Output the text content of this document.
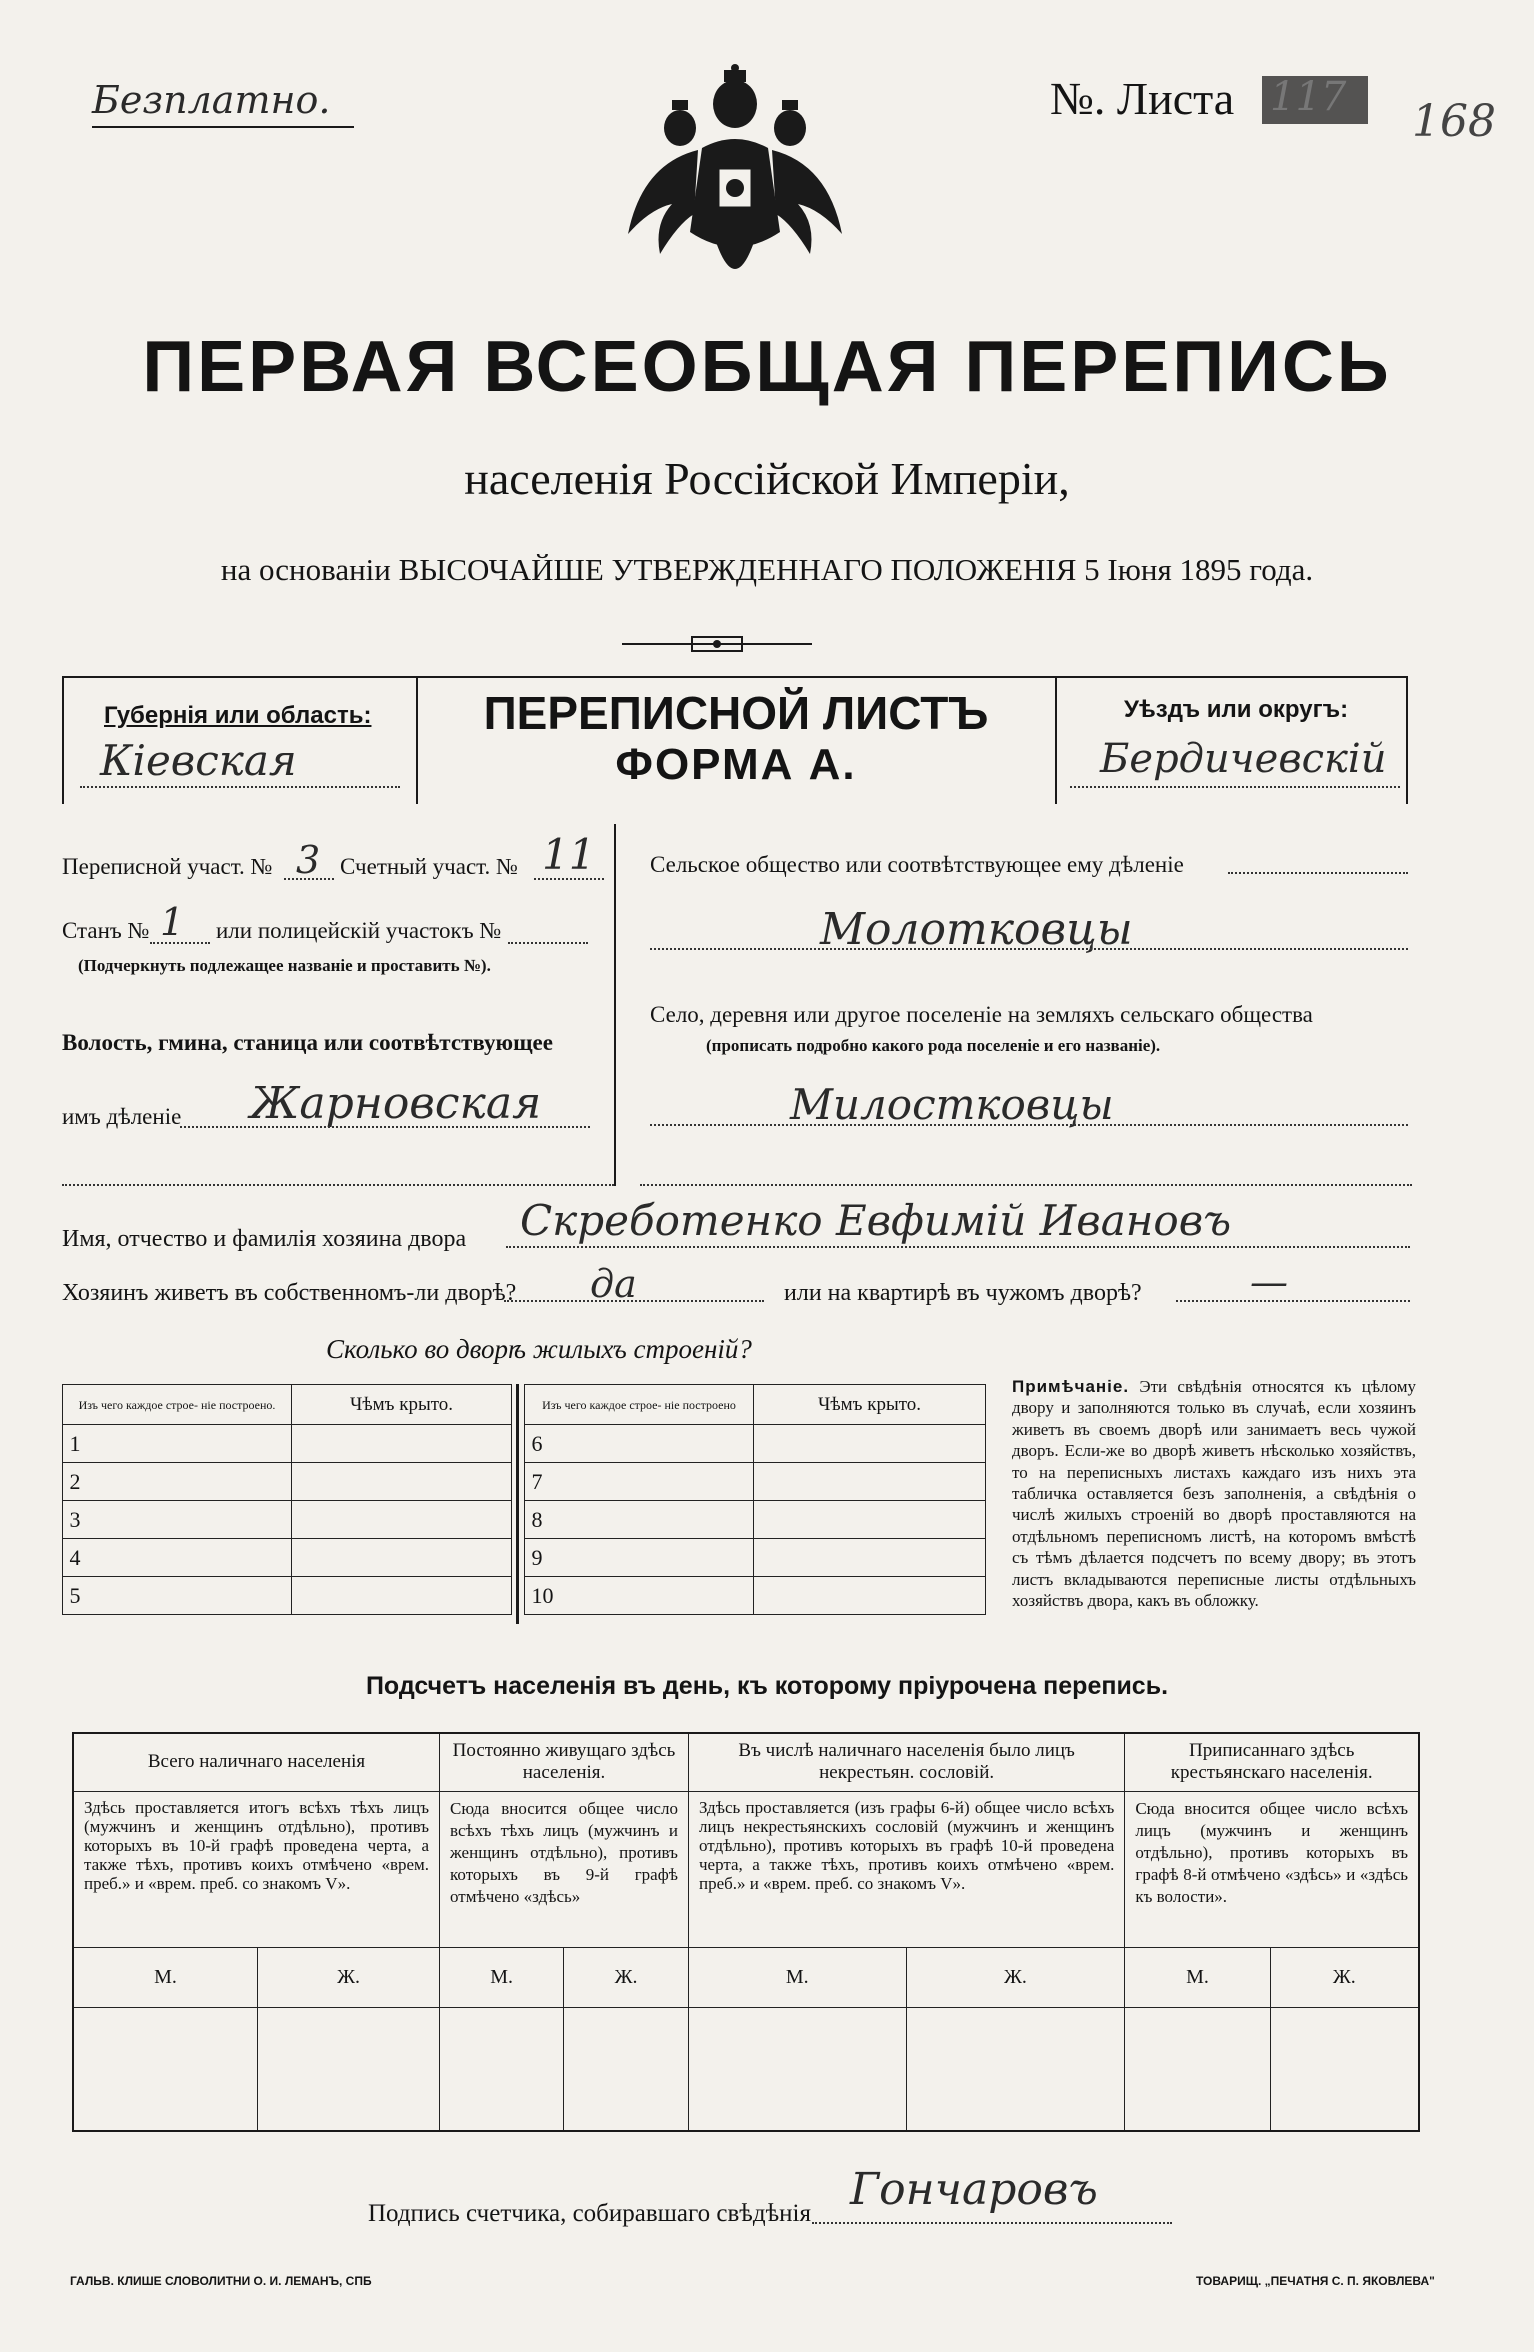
Безплатно.	№. Листа 117 168
ПЕРВАЯ ВСЕОБЩАЯ ПЕРЕПИСЬ
населенія Россійской Имперіи,
на основаніи ВЫСОЧАЙШЕ УТВЕРЖДЕННАГО ПОЛОЖЕНІЯ 5 Іюня 1895 года.
Губернія или область:
Кіевская
ПЕРЕПИСНОЙ ЛИСТЪ
ФОРМА А.
Уѣздъ или округъ:
Бердичевскій
Переписной участ. № 3 Счетный участ. № 11
Станъ № 1 или полицейскій участокъ №
(Подчеркнуть подлежащее названіе и проставить №).
Волость, гмина, станица или соотвѣтствующее
имъ дѣленіе Жарновская
Сельское общество или соотвѣтствующее ему дѣленіе
Молотковцы
Село, деревня или другое поселеніе на земляхъ сельскаго общества
(прописать подробно какого рода поселеніе и его названіе).
Милостковцы
Имя, отчество и фамилія хозяина двора Скреботенко Евфимій Ивановъ
Хозяинъ живетъ въ собственномъ-ли дворѣ? да	или на квартирѣ въ чужомъ дворѣ?	—
Сколько во дворѣ жилыхъ строеній?
Изъ чего каждое строе- ніе построено.	Чѣмъ крыто.
1	
2	
3	
4	
5	
Изъ чего каждое строе- ніе построено	Чѣмъ крыто.
6	
7	
8	
9	
10	
Примѣчаніе. Эти свѣдѣнія относятся къ цѣлому двору и заполняются только въ случаѣ, если хозяинъ живетъ въ своемъ дворѣ или занимаетъ весь чужой дворъ. Если-же во дворѣ живетъ нѣсколько хозяйствъ, то на переписныхъ листахъ каждаго изъ нихъ эта табличка оставляется безъ заполненія, а свѣдѣнія о числѣ жилыхъ строеній во дворѣ проставляются на отдѣльномъ переписномъ листѣ, на которомъ вмѣстѣ съ тѣмъ дѣлается подсчетъ по всему двору; въ этотъ листъ вкладываются переписные листы отдѣльныхъ хозяйствъ двора, какъ въ обложку.
Подсчетъ населенія въ день, къ которому пріурочена перепись.
Всего наличнаго населенія		Постоянно живущаго здѣсь населенія.		Въ числѣ наличнаго населенія было лицъ некрестьян. сословій.		Приписаннаго здѣсь крестьянскаго населенія.	
Здѣсь проставляется итогъ всѣхъ тѣхъ лицъ (мужчинъ и женщинъ отдѣльно), противъ которыхъ въ 10-й графѣ проведена черта, а также тѣхъ, противъ коихъ отмѣчено «врем. преб.» и «врем. преб. со знакомъ V».		Сюда вносится общее число всѣхъ тѣхъ лицъ (мужчинъ и женщинъ отдѣльно), противъ которыхъ въ 9-й графѣ отмѣчено «здѣсь»		Здѣсь проставляется (изъ графы 6-й) общее число всѣхъ лицъ некрестьянскихъ сословій (мужчинъ и женщинъ отдѣльно), противъ которыхъ въ графѣ 10-й проведена черта, а также тѣхъ, противъ коихъ отмѣчено «врем. преб.» и «врем. преб. со знакомъ V».		Сюда вносится общее число всѣхъ лицъ (мужчинъ и женщинъ отдѣльно), противъ которыхъ въ графѣ 8-й отмѣчено «здѣсь» и «здѣсь къ волости».	
М.	Ж.	М.	Ж.	М.	Ж.	М.	Ж.

Подпись счетчика, собиравшаго свѣдѣнія Гончаровъ
ГАЛЬВ. КЛИШЕ СЛОВОЛИТНИ О. И. ЛЕМАНЪ, СПБ	ТОВАРИЩ. „ПЕЧАТНЯ С. П. ЯКОВЛЕВА"
